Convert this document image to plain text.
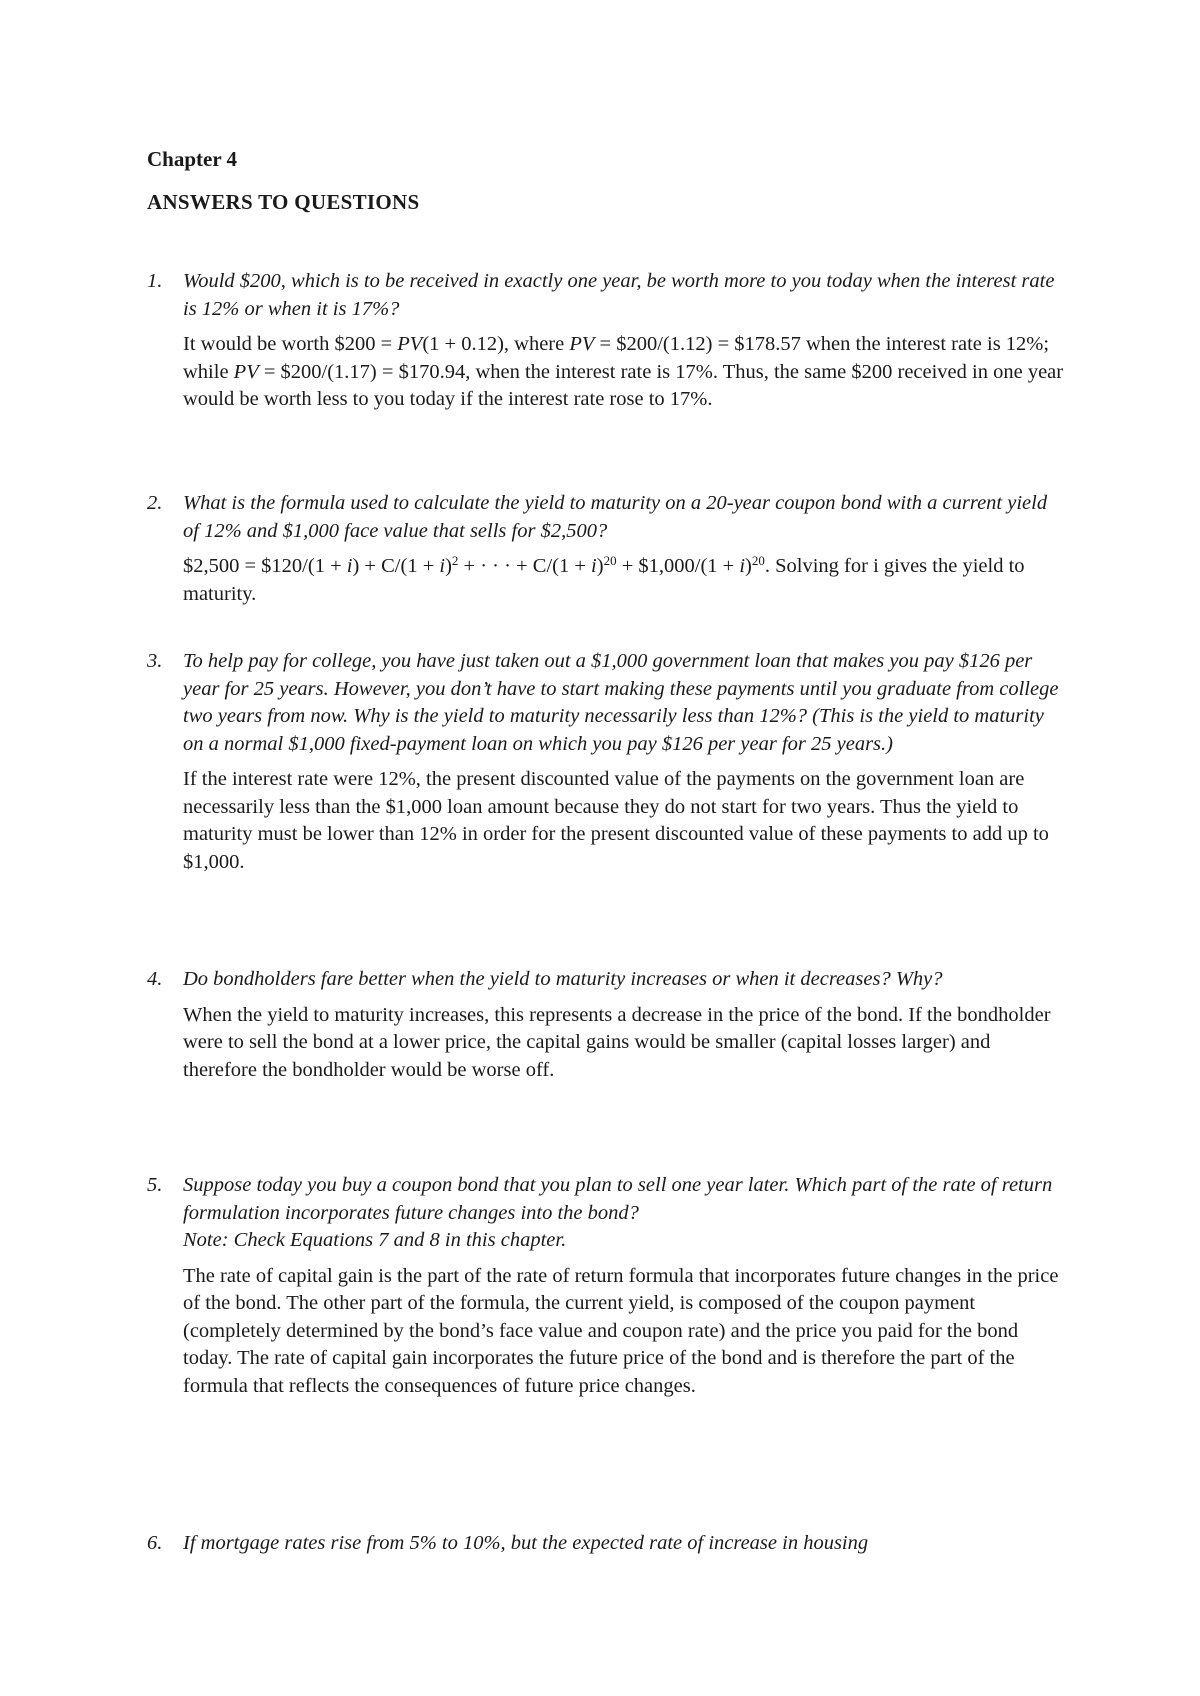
Chapter 4
ANSWERS TO QUESTIONS
1. Would $200, which is to be received in exactly one year, be worth more to you today when the interest rate is 12% or when it is 17%?
It would be worth $200 = PV(1 + 0.12), where PV = $200/(1.12) = $178.57 when the interest rate is 12%; while PV = $200/(1.17) = $170.94, when the interest rate is 17%. Thus, the same $200 received in one year would be worth less to you today if the interest rate rose to 17%.
2. What is the formula used to calculate the yield to maturity on a 20-year coupon bond with a current yield of 12% and $1,000 face value that sells for $2,500?
$2,500 = $120/(1 + $i) + C/(1 + i)^2$ + · · · + $C/(1 + i)^{20}$ + $1,000/(1 + i)$^{20}$. Solving for i gives the yield to maturity.
3. To help pay for college, you have just taken out a $1,000 government loan that makes you pay $126 per year for 25 years. However, you don’t have to start making these payments until you graduate from college two years from now. Why is the yield to maturity necessarily less than 12%? (This is the yield to maturity on a normal $1,000 fixed-payment loan on which you pay $126 per year for 25 years.)
If the interest rate were 12%, the present discounted value of the payments on the government loan are necessarily less than the $1,000 loan amount because they do not start for two years. Thus the yield to maturity must be lower than 12% in order for the present discounted value of these payments to add up to $1,000.
4. Do bondholders fare better when the yield to maturity increases or when it decreases? Why?
When the yield to maturity increases, this represents a decrease in the price of the bond. If the bondholder were to sell the bond at a lower price, the capital gains would be smaller (capital losses larger) and therefore the bondholder would be worse off.
5. Suppose today you buy a coupon bond that you plan to sell one year later. Which part of the rate of return formulation incorporates future changes into the bond?
Note: Check Equations 7 and 8 in this chapter.
The rate of capital gain is the part of the rate of return formula that incorporates future changes in the price of the bond. The other part of the formula, the current yield, is composed of the coupon payment (completely determined by the bond’s face value and coupon rate) and the price you paid for the bond today. The rate of capital gain incorporates the future price of the bond and is therefore the part of the formula that reflects the consequences of future price changes.
6. If mortgage rates rise from 5% to 10%, but the expected rate of increase in housing
